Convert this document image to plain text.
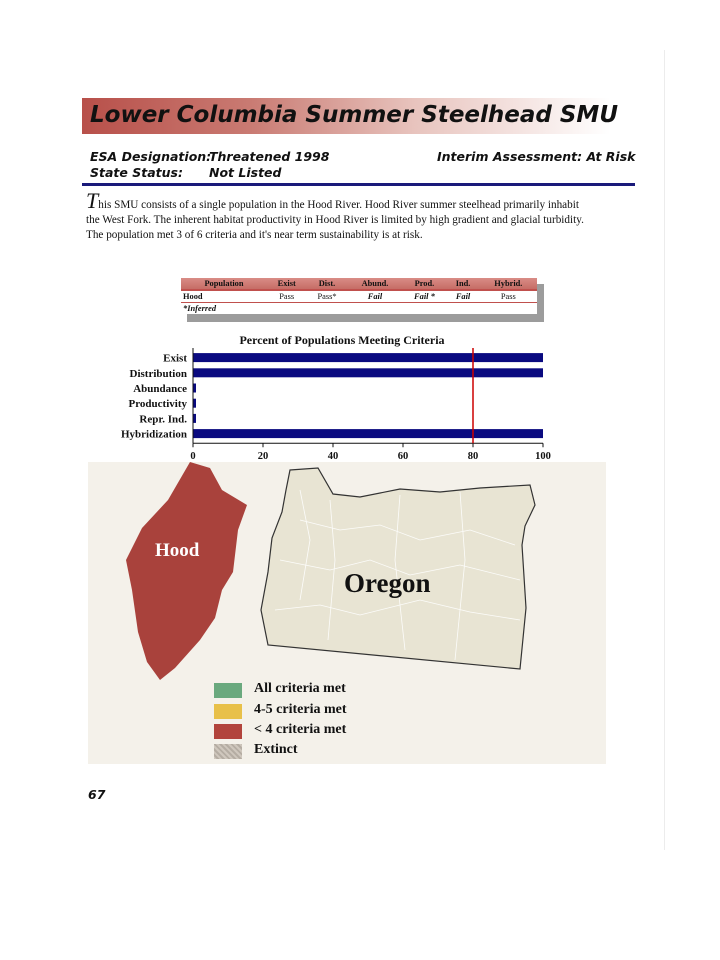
Lower Columbia Summer Steelhead SMU
ESA Designation:
Threatened 1998	Interim Assessment: At Risk
State Status: Not Listed

This SMU consists of a single population in the Hood River. Hood River summer steelhead primarily inhabit

the West Fork. The inherent habitat productivity in Hood River is limited by high gradient and glacial turbidity.

The population met 3 of 6 criteria and it's near term sustainability is at risk.

Population	Exist	Dist.	Abund.	Prod.	Ind.	Hybrid.
Hood	Pass	Pass*	Fail	Fail *	Fail	Pass
*Inferred						
Percent of Populations Meeting Criteria
Exist
Distribution
Abundance
Productivity
Repr. Ind.
Hybridization
0	20	40	60	80	100
Hood
Oregon
All criteria met
4-5 criteria met
< 4 criteria met
Extinct
67
